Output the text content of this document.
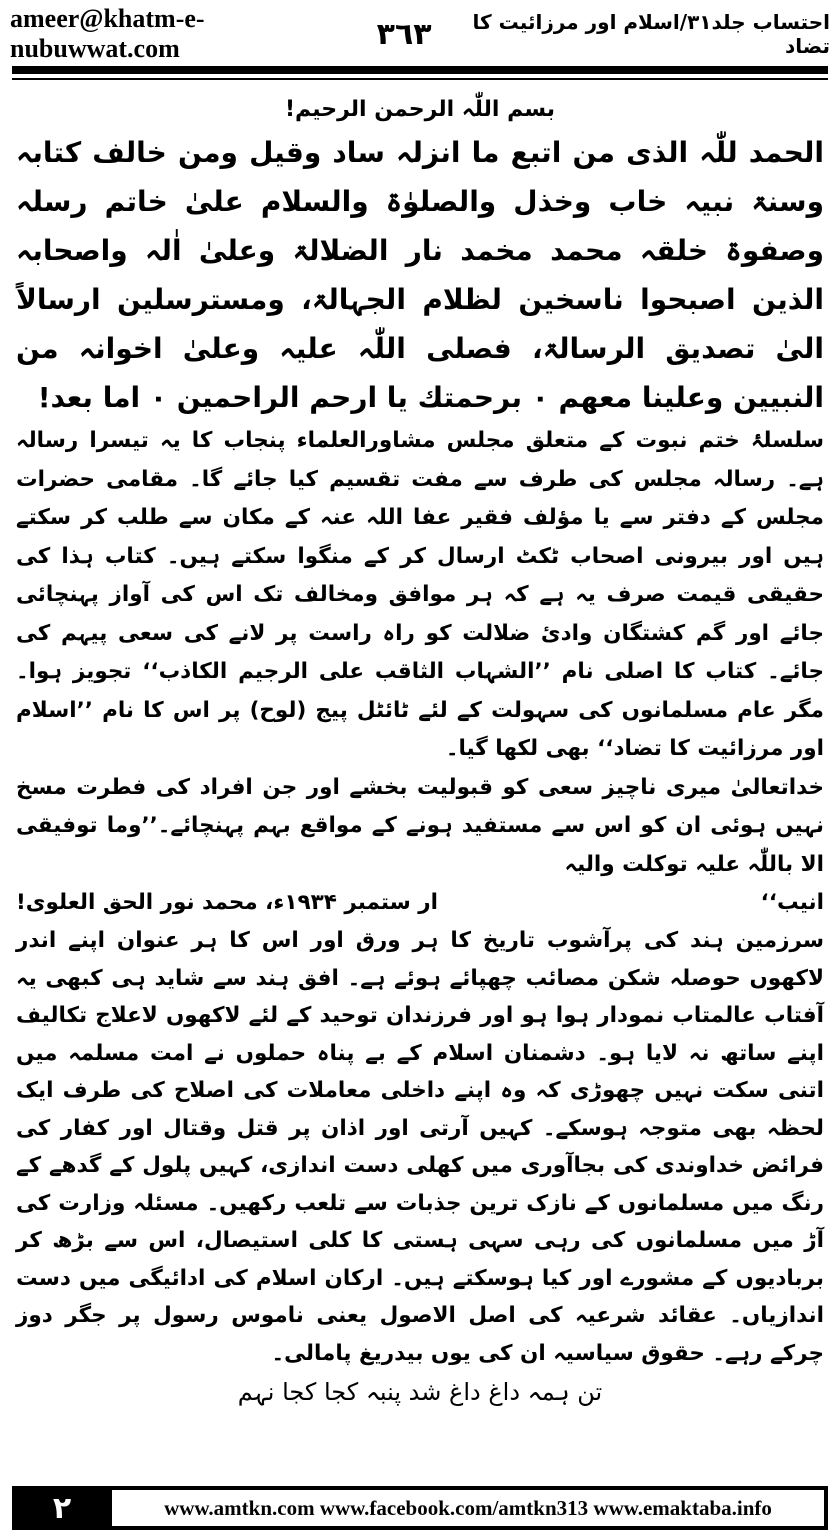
ameer@khatm-e-nubuwwat.com	٣٦٣	احتساب جلد۳۱/اسلام اور مرزائیت کا تضاد
بسم اللّٰہ الرحمن الرحیم!
الحمد للّٰہ الذی من اتبع ما انزلہ ساد وقیل ومن خالف کتابہ وسنۃ نبیہ خاب وخذل والصلوٰۃ والسلام علیٰ خاتم رسلہ وصفوۃ خلقہ محمد مخمد نار الضلالۃ وعلیٰ اٰلہ واصحابہ الذین اصبحوا ناسخین لظلام الجہالۃ، ومسترسلین ارسالاً الیٰ تصدیق الرسالۃ، فصلی اللّٰہ علیہ وعلیٰ اخوانہ من النبیین وعلینا معھم ۰ برحمتك یا ارحم الراحمین ۰ اما بعد!
سلسلۂ ختم نبوت کے متعلق مجلس مشاورالعلماء پنجاب کا یہ تیسرا رسالہ ہے۔ رسالہ مجلس کی طرف سے مفت تقسیم کیا جائے گا۔ مقامی حضرات مجلس کے دفتر سے یا مؤلف فقیر عفا اللہ عنہ کے مکان سے طلب کر سکتے ہیں اور بیرونی اصحاب ٹکٹ ارسال کر کے منگوا سکتے ہیں۔ کتاب ہذا کی حقیقی قیمت صرف یہ ہے کہ ہر موافق ومخالف تک اس کی آواز پہنچائی جائے اور گم کشتگان وادیٔ ضلالت کو راہ راست پر لانے کی سعی پیہم کی جائے۔ کتاب کا اصلی نام ’’الشہاب الثاقب علی الرجیم الکاذب‘‘ تجویز ہوا۔ مگر عام مسلمانوں کی سہولت کے لئے ٹائٹل پیج (لوح) پر اس کا نام ’’اسلام اور مرزائیت کا تضاد‘‘ بھی لکھا گیا۔
خداتعالیٰ میری ناچیز سعی کو قبولیت بخشے اور جن افراد کی فطرت مسخ نہیں ہوئی ان کو اس سے مستفید ہونے کے مواقع بہم پہنچائے۔’’وما توفیقی الا باللّٰہ علیہ توکلت والیہ
انیب‘‘
ار ستمبر ۱۹۳۴ء، محمد نور الحق العلوی!
سرزمین ہند کی پرآشوب تاریخ کا ہر ورق اور اس کا ہر عنوان اپنے اندر لاکھوں حوصلہ شکن مصائب چھپائے ہوئے ہے۔ افق ہند سے شاید ہی کبھی یہ آفتاب عالمتاب نمودار ہوا ہو اور فرزندان توحید کے لئے لاکھوں لاعلاج تکالیف اپنے ساتھ نہ لایا ہو۔ دشمنان اسلام کے بے پناہ حملوں نے امت مسلمہ میں اتنی سکت نہیں چھوڑی کہ وہ اپنے داخلی معاملات کی اصلاح کی طرف ایک لحظہ بھی متوجہ ہوسکے۔ کہیں آرتی اور اذان پر قتل وقتال اور کفار کی فرائض خداوندی کی بجاآوری میں کھلی دست اندازی، کہیں پلول کے گدھے کے رنگ میں مسلمانوں کے نازک ترین جذبات سے تلعب رکھیں۔ مسئلہ وزارت کی آڑ میں مسلمانوں کی رہی سہی ہستی کا کلی استیصال، اس سے بڑھ کر بربادیوں کے مشورے اور کیا ہوسکتے ہیں۔ ارکان اسلام کی ادائیگی میں دست اندازیاں۔ عقائد شرعیہ کی اصل الاصول یعنی ناموس رسول پر جگر دوز چرکے رہے۔ حقوق سیاسیہ ان کی یوں بیدریغ پامالی۔
تن ہمہ داغ داغ شد پنبہ کجا کجا نہم
۲	www.amtkn.com www.facebook.com/amtkn313 www.emaktaba.info
